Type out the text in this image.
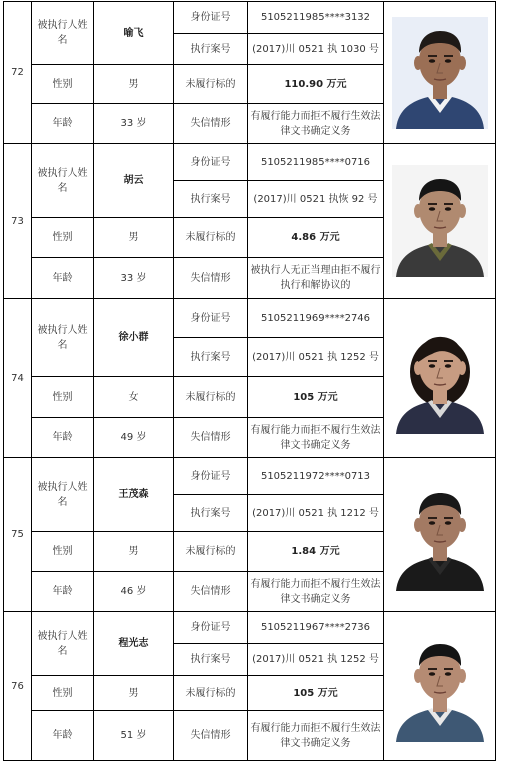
72	被执行人姓名	喻飞	身份证号	5105211985****3132	

			执行案号	(2017)川 0521 执 1030 号	
	性别	男	未履行标的	110.90 万元	
	年龄	33 岁	失信情形	有履行能力而拒不履行生效法律文书确定义务	
73	被执行人姓名	胡云	身份证号	5105211985****0716	

			执行案号	(2017)川 0521 执恢 92 号	
	性别	男	未履行标的	4.86 万元	
	年龄	33 岁	失信情形	被执行人无正当理由拒不履行执行和解协议的	
74	被执行人姓名	徐小群	身份证号	5105211969****2746	

			执行案号	(2017)川 0521 执 1252 号	
	性别	女	未履行标的	105 万元	
	年龄	49 岁	失信情形	有履行能力而拒不履行生效法律文书确定义务	
75	被执行人姓名	王茂森	身份证号	5105211972****0713	

			执行案号	(2017)川 0521 执 1212 号	
	性别	男	未履行标的	1.84 万元	
	年龄	46 岁	失信情形	有履行能力而拒不履行生效法律文书确定义务	
76	被执行人姓名	程光志	身份证号	5105211967****2736	

			执行案号	(2017)川 0521 执 1252 号	
	性别	男	未履行标的	105 万元	
	年龄	51 岁	失信情形	有履行能力而拒不履行生效法律文书确定义务	
